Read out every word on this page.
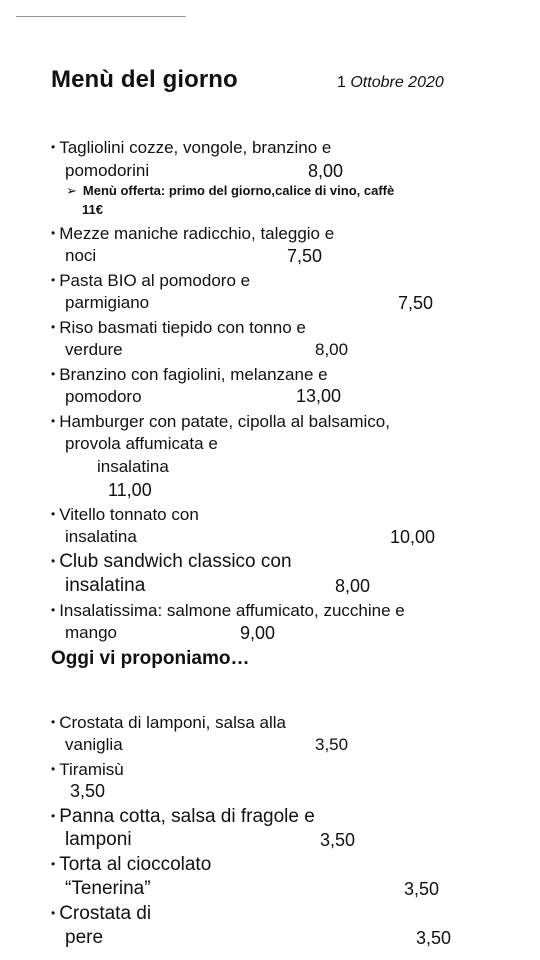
Menù del giorno	1 Ottobre 2020
• Tagliolini cozze, vongole, branzino e
pomodorini	8,00
➢ Menù offerta: primo del giorno,calice di vino, caffè
11€
• Mezze maniche radicchio, taleggio e
noci	7,50
• Pasta BIO al pomodoro e
parmigiano	7,50
• Riso basmati tiepido con tonno e
verdure	8,00
• Branzino con fagiolini, melanzane e
pomodoro	13,00
• Hamburger con patate, cipolla al balsamico,
provola affumicata e
insalatina
11,00
• Vitello tonnato con
insalatina	10,00
• Club sandwich classico con
insalatina	8,00
• Insalatissima: salmone affumicato, zucchine e
mango	9,00
Oggi vi proponiamo…
• Crostata di lamponi, salsa alla
vaniglia	3,50
• Tiramisù
3,50
• Panna cotta, salsa di fragole e
lamponi	3,50
• Torta al cioccolato
“Tenerina”	3,50
• Crostata di
pere	3,50
